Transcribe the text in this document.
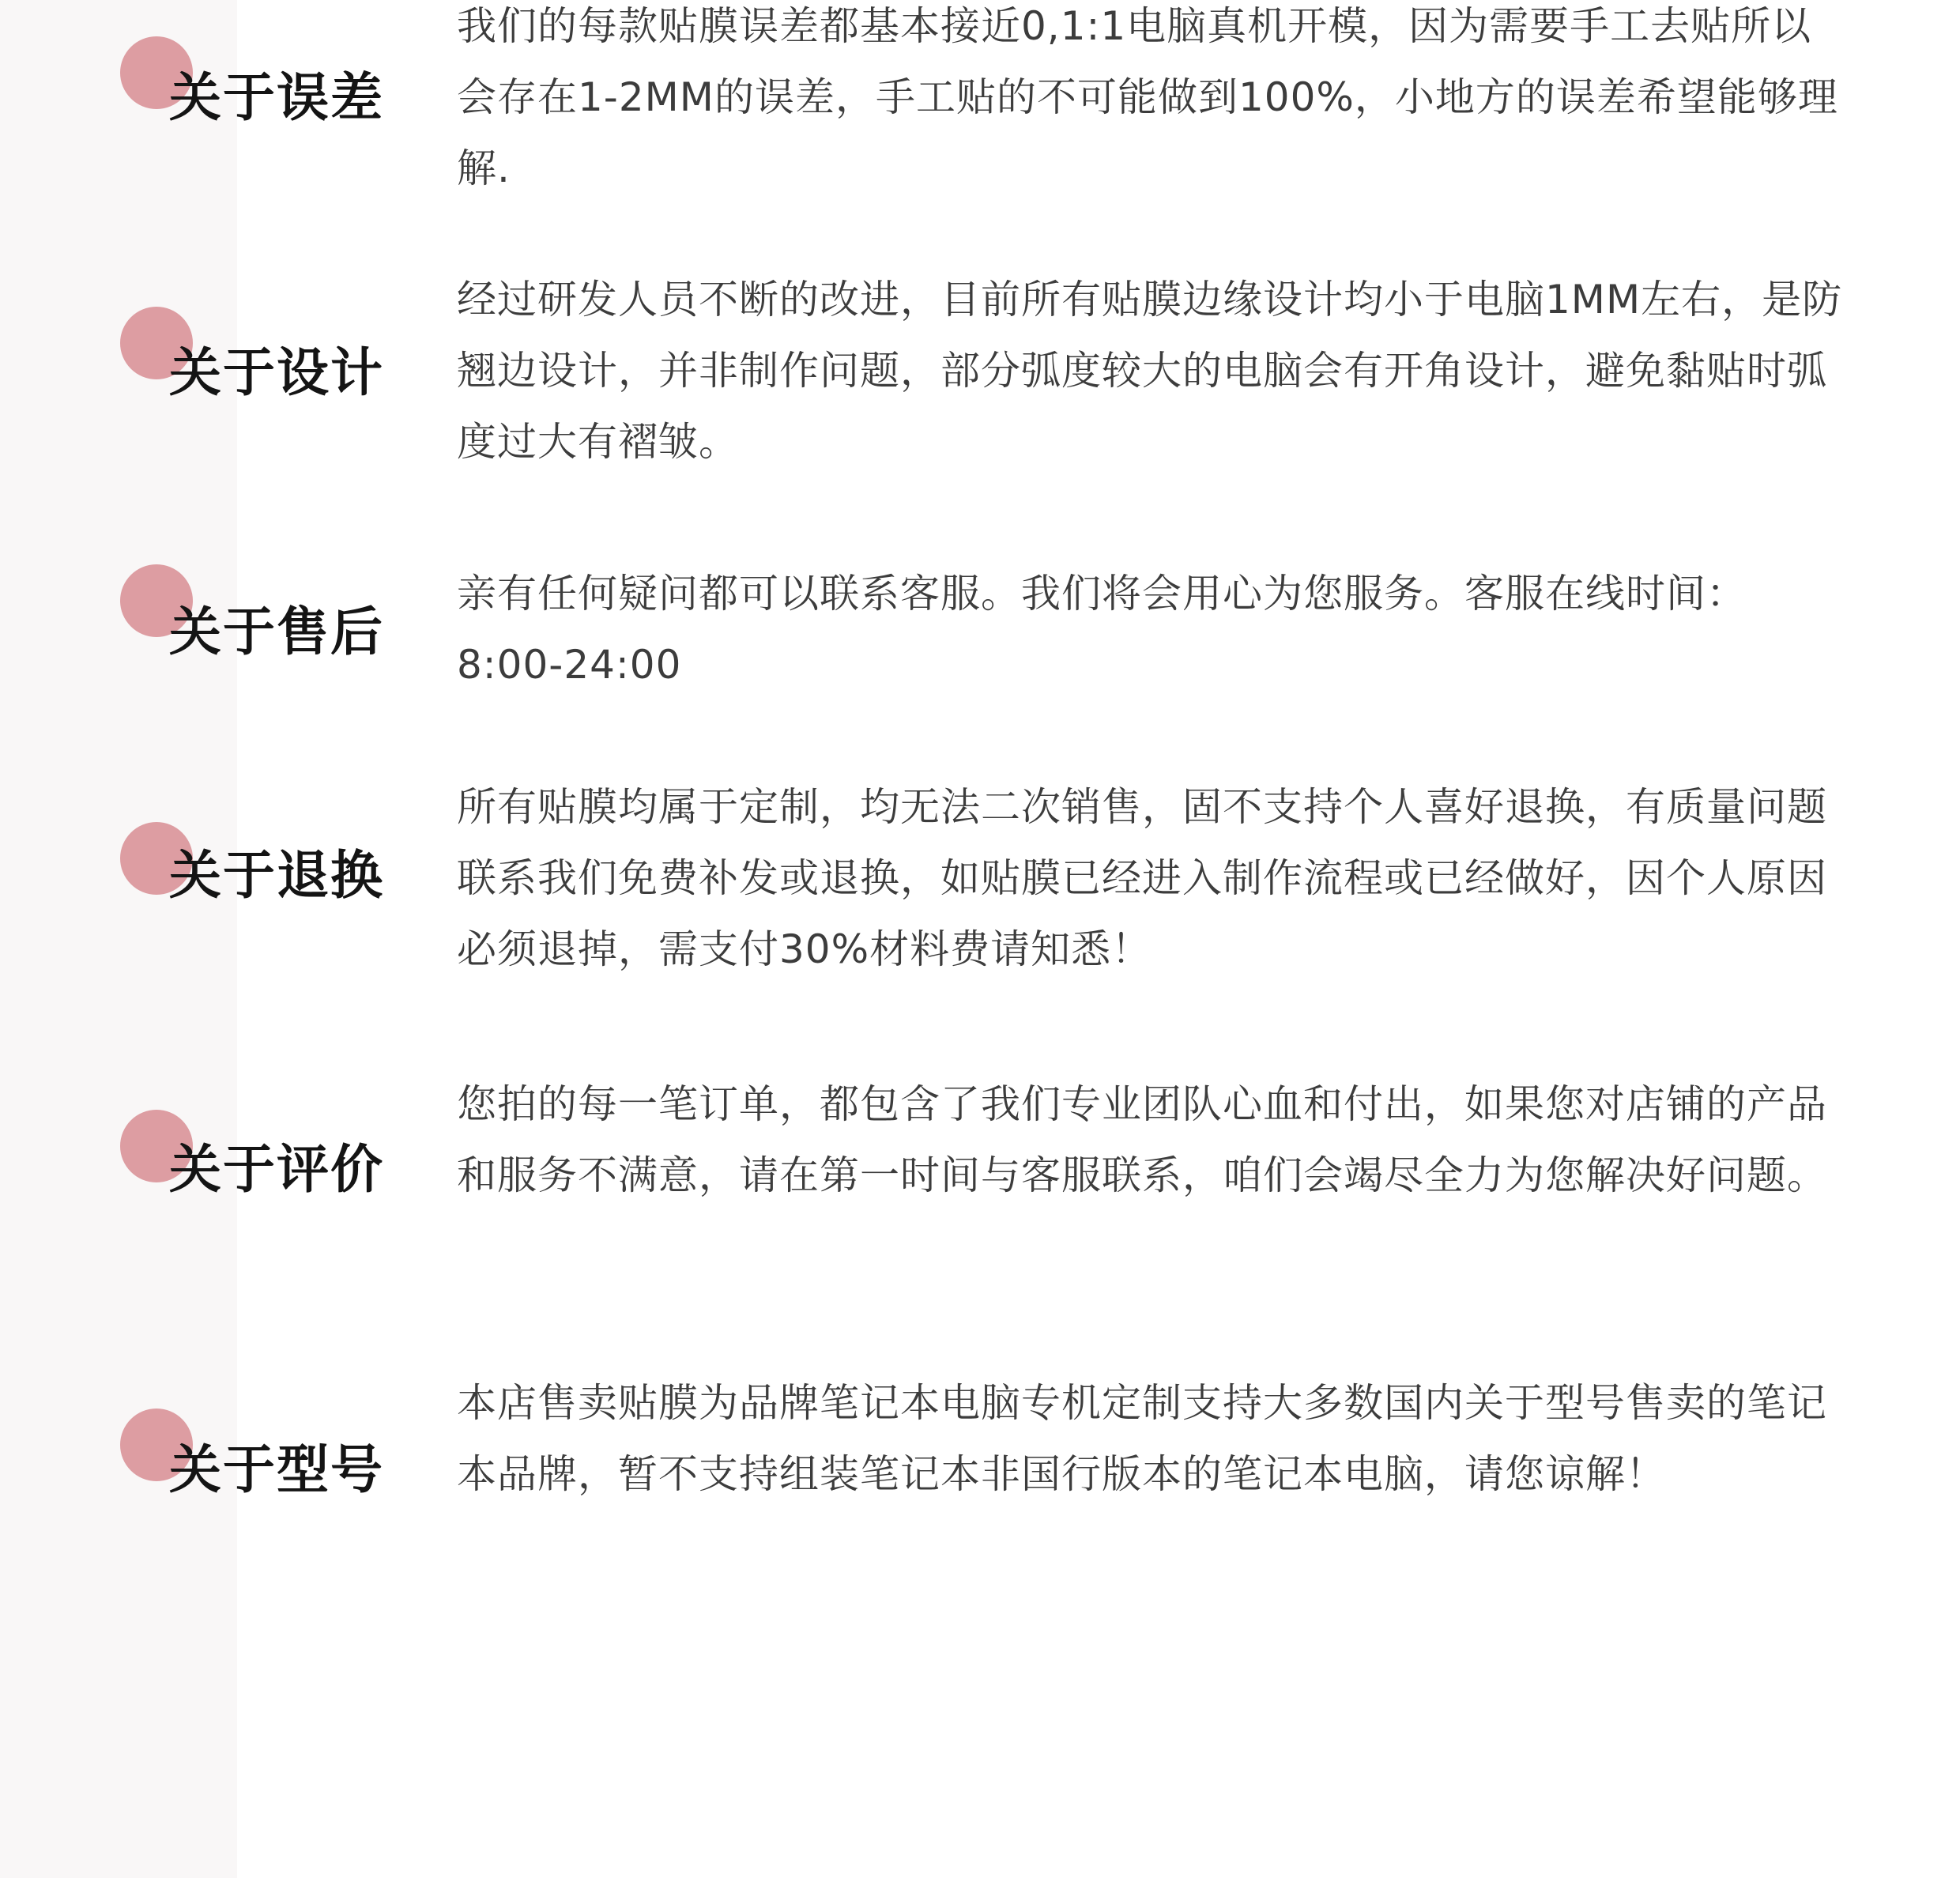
关于误差

我们的每款贴膜误差都基本接近0,1:1电脑真机开模，因为需要手工去贴所以会存在1-2MM的误差，手工贴的不可能做到100%，小地方的误差希望能够理解.

关于设计

经过研发人员不断的改进，目前所有贴膜边缘设计均小于电脑1MM左右，是防翘边设计，并非制作问题，部分弧度较大的电脑会有开角设计，避免黏贴时弧度过大有褶皱。

关于售后

亲有任何疑问都可以联系客服。我们将会用心为您服务。客服在线时间：8:00-24:00

关于退换

所有贴膜均属于定制，均无法二次销售，固不支持个人喜好退换，有质量问题联系我们免费补发或退换，如贴膜已经进入制作流程或已经做好，因个人原因必须退掉，需支付30%材料费请知悉！

关于评价

您拍的每一笔订单，都包含了我们专业团队心血和付出，如果您对店铺的产品和服务不满意，请在第一时间与客服联系，咱们会竭尽全力为您解决好问题。

关于型号

本店售卖贴膜为品牌笔记本电脑专机定制支持大多数国内关于型号售卖的笔记本品牌，暂不支持组装笔记本非国行版本的笔记本电脑，请您谅解！
